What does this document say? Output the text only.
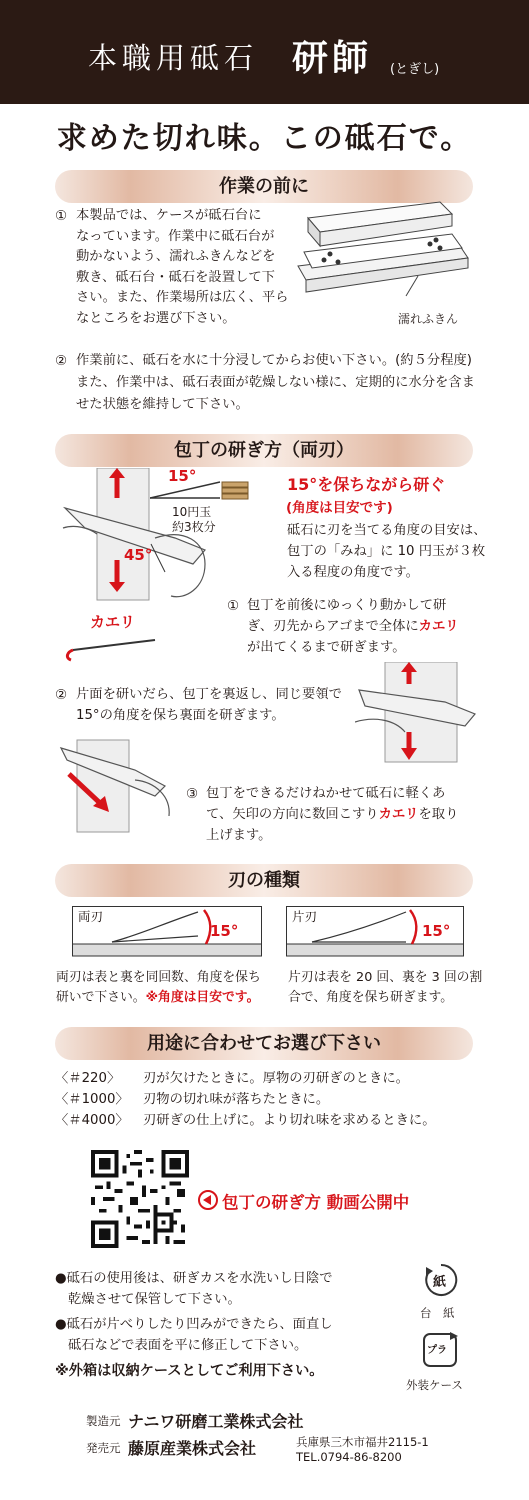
本職用砥石 研師 (とぎし)
求めた切れ味。この砥石で。
作業の前に
① 本製品では、ケースが砥石台に
なっています。作業中に砥石台が
動かないよう、濡れふきんなどを
敷き、砥石台・砥石を設置して下
さい。また、作業場所は広く、平ら
なところをお選び下さい。	濡れふきん
② 作業前に、砥石を水に十分浸してからお使い下さい。(約５分程度)
また、作業中は、砥石表面が乾燥しない様に、定期的に水分を含ま
せた状態を維持して下さい。
包丁の研ぎ方（両刃）
15°
10円玉
約3枚分
45°
カエリ
15°を保ちながら研ぐ
(角度は目安です)
砥石に刃を当てる角度の目安は、
包丁の「みね」に 10 円玉が３枚
入る程度の角度です。
① 包丁を前後にゆっくり動かして研
ぎ、刃先からアゴまで全体にカエリ
が出てくるまで研ぎます。
② 片面を研いだら、包丁を裏返し、同じ要領で
15°の角度を保ち裏面を研ぎます。
③ 包丁をできるだけねかせて砥石に軽くあ
て、矢印の方向に数回こすりカエリを取り
上げます。
刃の種類
両刃
15°
片刃
15°
両刃は表と裏を同回数、角度を保ち
研いで下さい。※角度は目安です。
片刃は表を 20 回、裏を 3 回の割
合で、角度を保ち研ぎます。
用途に合わせてお選び下さい
〈＃220〉 刃が欠けたときに。厚物の刃研ぎのときに。
〈＃1000〉 刃物の切れ味が落ちたときに。
〈＃4000〉 刃研ぎの仕上げに。より切れ味を求めるときに。
包丁の研ぎ方 動画公開中
●砥石の使用後は、研ぎカスを水洗いし日陰で
乾燥させて保管して下さい。
●砥石が片べりしたり凹みができたら、面直し
砥石などで表面を平に修正して下さい。
※外箱は収納ケースとしてご利用下さい。
紙
台　紙
プラ
外装ケース
製造元 ナニワ研磨工業株式会社
発売元 藤原産業株式会社	兵庫県三木市福井2115-1
TEL.0794-86-8200
